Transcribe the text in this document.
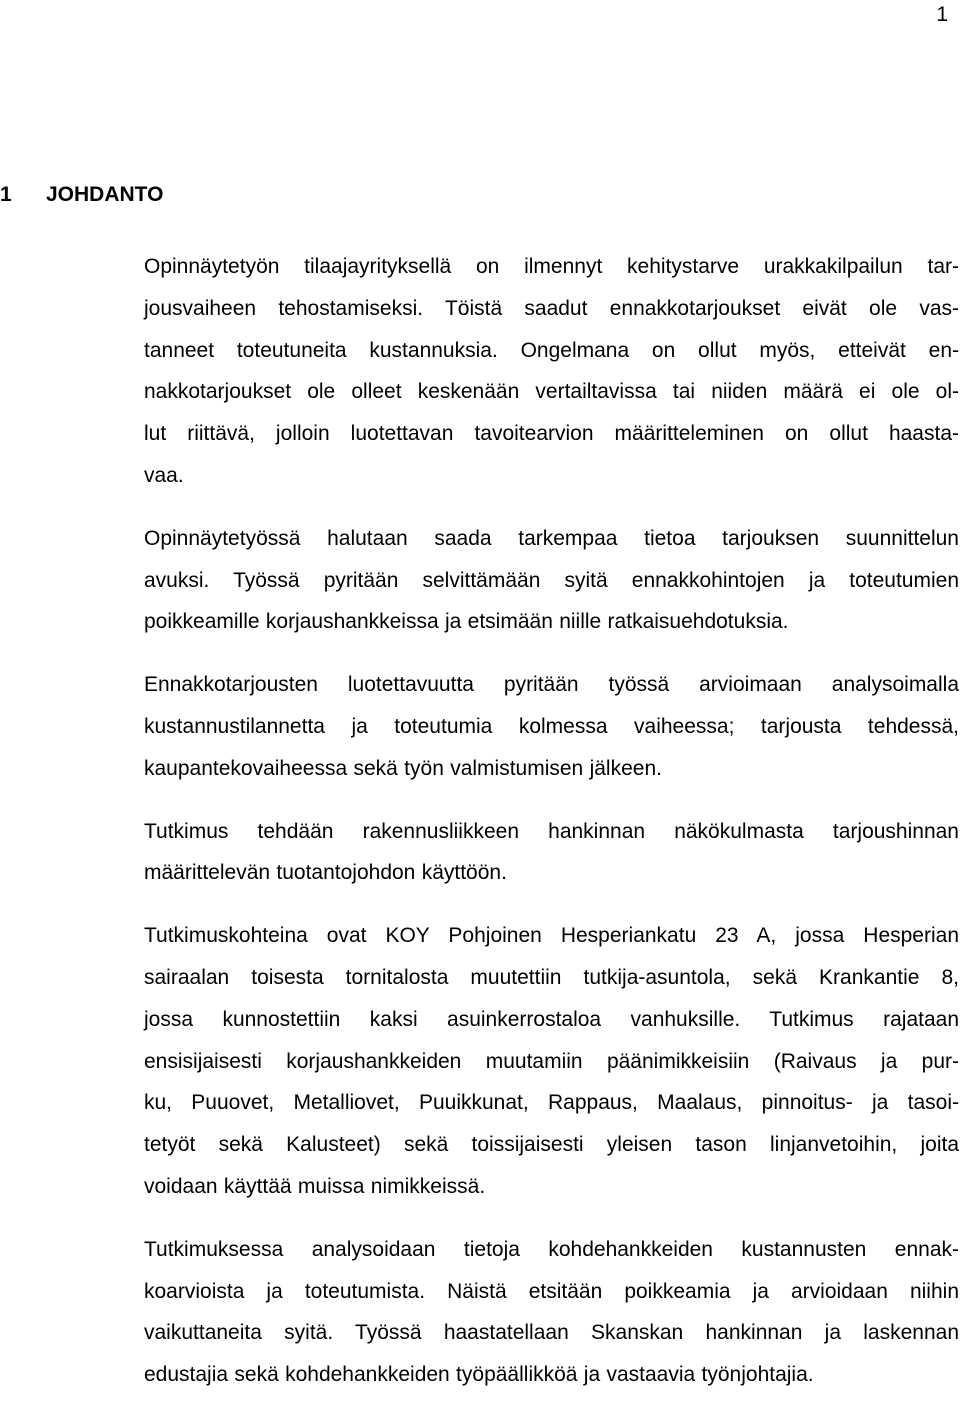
1
1 JOHDANTO
Opinnäytetyön tilaajayrityksellä on ilmennyt kehitystarve urakkakilpailun tar-
jousvaiheen tehostamiseksi. Töistä saadut ennakkotarjoukset eivät ole vas-
tanneet toteutuneita kustannuksia. Ongelmana on ollut myös, etteivät en-
nakkotarjoukset ole olleet keskenään vertailtavissa tai niiden määrä ei ole ol-
lut riittävä, jolloin luotettavan tavoitearvion määritteleminen on ollut haasta-
vaa.
Opinnäytetyössä halutaan saada tarkempaa tietoa tarjouksen suunnittelun
avuksi. Työssä pyritään selvittämään syitä ennakkohintojen ja toteutumien
poikkeamille korjaushankkeissa ja etsimään niille ratkaisuehdotuksia.
Ennakkotarjousten luotettavuutta pyritään työssä arvioimaan analysoimalla
kustannustilannetta ja toteutumia kolmessa vaiheessa; tarjousta tehdessä,
kaupantekovaiheessa sekä työn valmistumisen jälkeen.
Tutkimus tehdään rakennusliikkeen hankinnan näkökulmasta tarjoushinnan
määrittelevän tuotantojohdon käyttöön.
Tutkimuskohteina ovat KOY Pohjoinen Hesperiankatu 23 A, jossa Hesperian
sairaalan toisesta tornitalosta muutettiin tutkija-asuntola, sekä Krankantie 8,
jossa kunnostettiin kaksi asuinkerrostaloa vanhuksille. Tutkimus rajataan
ensisijaisesti korjaushankkeiden muutamiin päänimikkeisiin (Raivaus ja pur-
ku, Puuovet, Metalliovet, Puuikkunat, Rappaus, Maalaus, pinnoitus- ja tasoi-
tetyöt sekä Kalusteet) sekä toissijaisesti yleisen tason linjanvetoihin, joita
voidaan käyttää muissa nimikkeissä.
Tutkimuksessa analysoidaan tietoja kohdehankkeiden kustannusten ennak-
koarvioista ja toteutumista. Näistä etsitään poikkeamia ja arvioidaan niihin
vaikuttaneita syitä. Työssä haastatellaan Skanskan hankinnan ja laskennan
edustajia sekä kohdehankkeiden työpäällikköä ja vastaavia työnjohtajia.
